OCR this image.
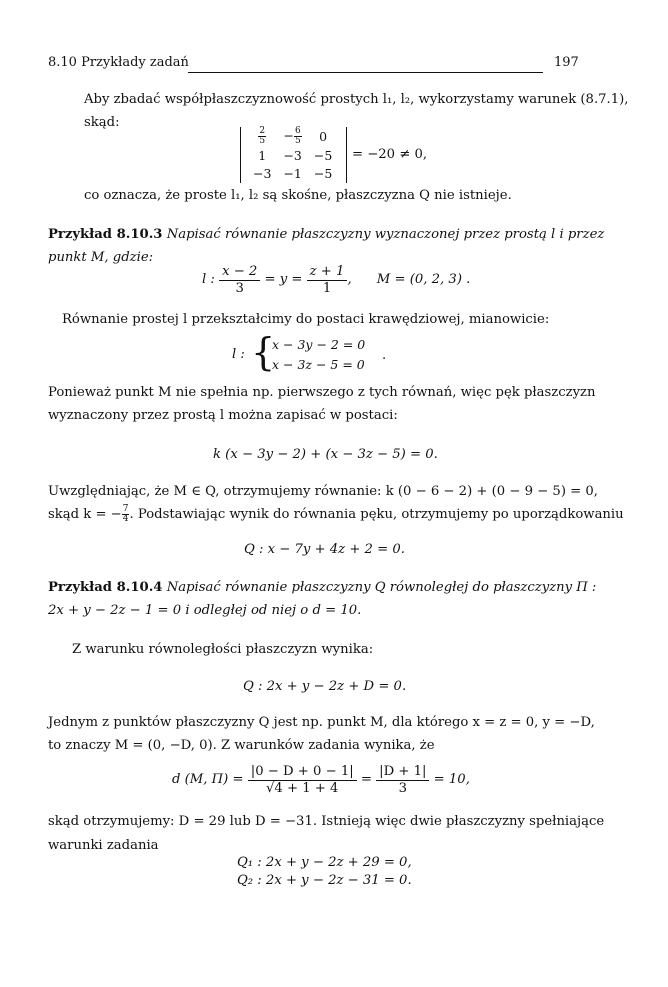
8.10 Przykłady zadań	197
Aby zbadać współpłaszczyznowość prostych l₁, l₂, wykorzystamy warunek (8.7.1),
skąd:
$\frac{2}{5}$	− $\frac{6}{5}$	0
1	−3	−5
−3	−1	−5
= −20 ≠ 0,
co oznacza, że proste l₁, l₂ są skośne, płaszczyzna Q nie istnieje.
Przykład 8.10.3 Napisać równanie płaszczyzny wyznaczonej przez prostą l i przez
punkt M, gdzie:
l :
$\frac{x - 2}{3}$
= y =
$\frac{z + 1}{1}$ ,      M = (0, 2, 3) .
Równanie prostej l przekształcimy do postaci krawędziowej, mianowicie:
l : {
x − 3y − 2 = 0
x − 3z − 5 = 0
.
Ponieważ punkt M nie spełnia np. pierwszego z tych równań, więc pęk płaszczyzn
wyznaczony przez prostą l można zapisać w postaci:
k (x − 3y − 2) + (x − 3z − 5) = 0.
Uwzględniając, że M ∈ Q, otrzymujemy równanie: k (0 − 6 − 2) + (0 − 9 − 5) = 0,
skąd k = − $\frac{7}{4}$ . Podstawiając wynik do równania pęku, otrzymujemy po uporządkowaniu
Q : x − 7y + 4z + 2 = 0.
Przykład 8.10.4 Napisać równanie płaszczyzny Q równoległej do płaszczyzny Π :
2x + y − 2z − 1 = 0 i odległej od niej o d = 10.
Z warunku równoległości płaszczyzn wynika:
Q : 2x + y − 2z + D = 0.
Jednym z punktów płaszczyzny Q jest np. punkt M, dla którego x = z = 0, y = −D,
to znaczy M = (0, −D, 0). Z warunków zadania wynika, że
d (M, Π) =
$\frac{|0 - D + 0 - 1|}{√4 + 1 + 4}$
=
$\frac{|D + 1|}{3}$
= 10,
skąd otrzymujemy: D = 29 lub D = −31. Istnieją więc dwie płaszczyzny spełniające
warunki zadania
Q₁ : 2x + y − 2z + 29 = 0,
Q₂ : 2x + y − 2z − 31 = 0.
